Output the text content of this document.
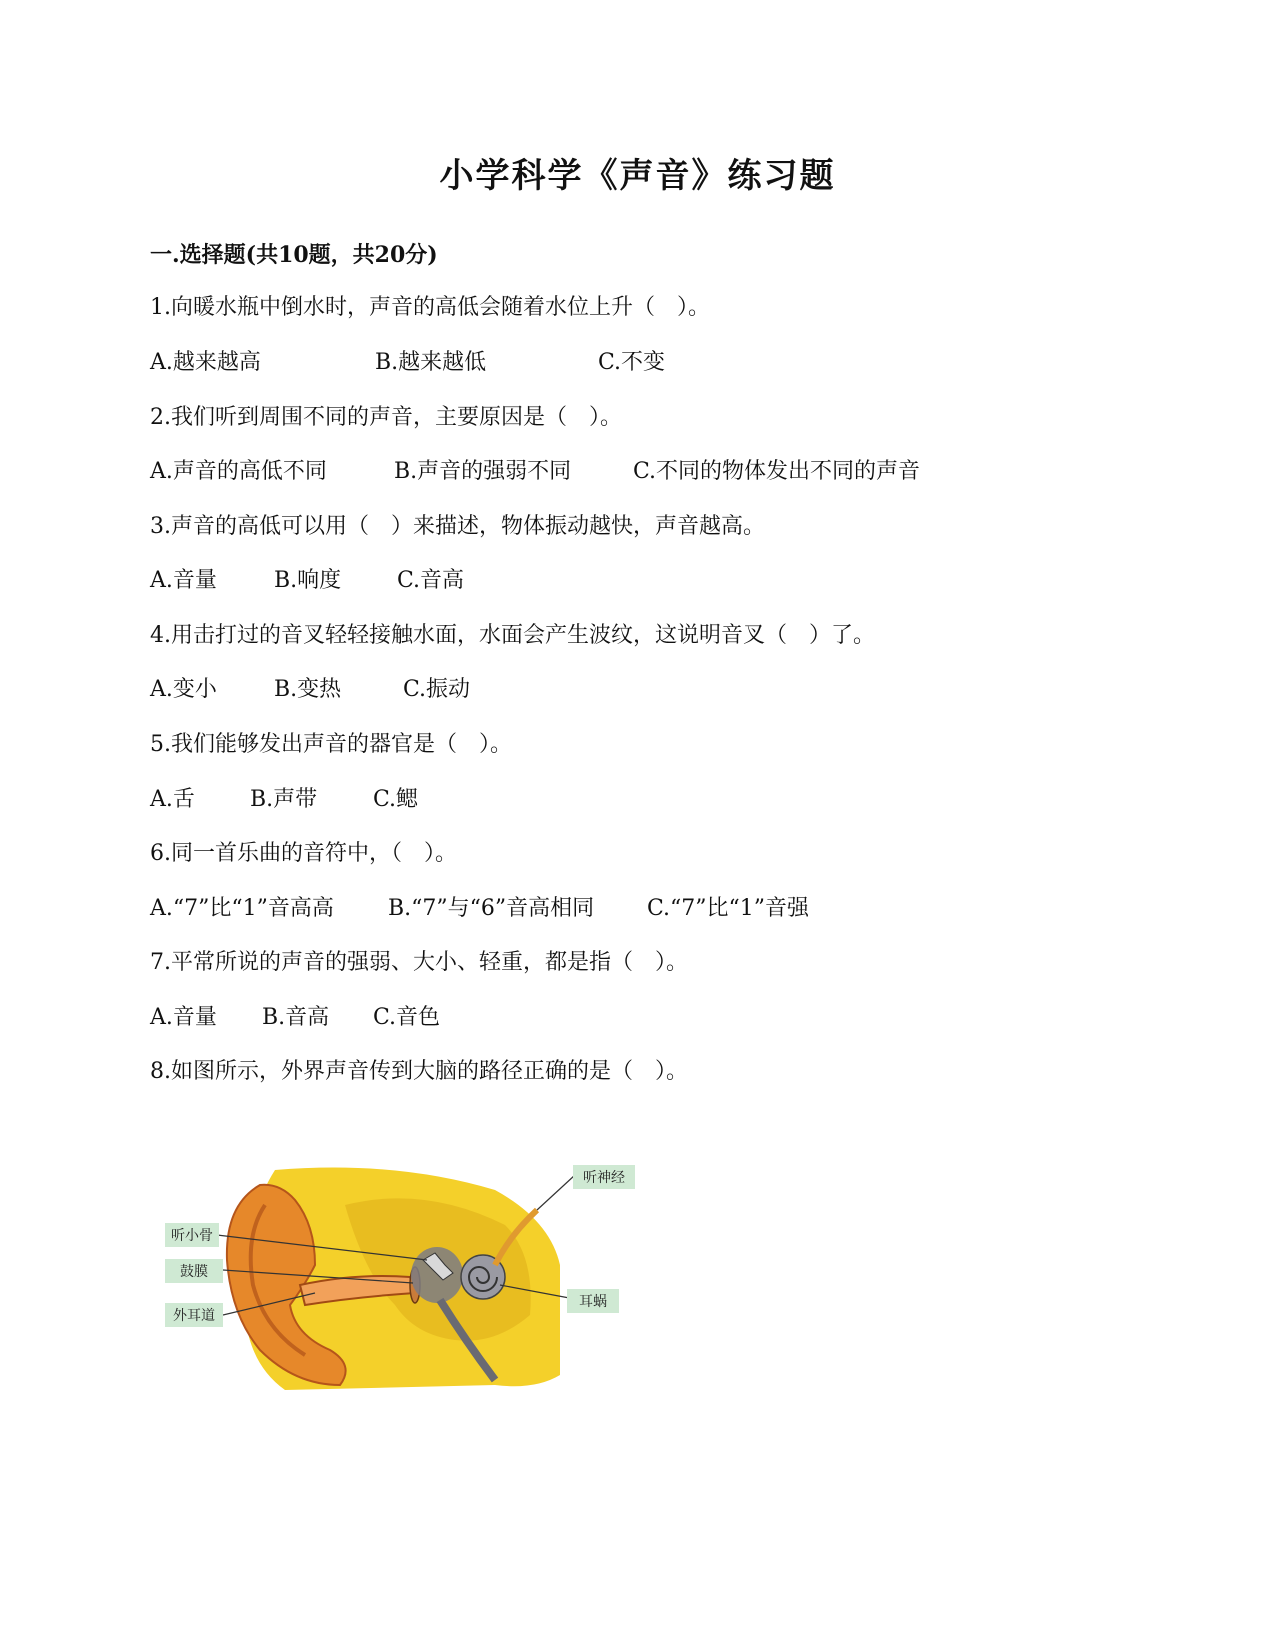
小学科学《声音》练习题
一.选择题(共10题，共20分)
1.向暖水瓶中倒水时，声音的高低会随着水位上升（　）。
A.越来越高	B.越来越低	C.不变
2.我们听到周围不同的声音，主要原因是（　）。
A.声音的高低不同	B.声音的强弱不同	C.不同的物体发出不同的声音
3.声音的高低可以用（　）来描述，物体振动越快，声音越高。
A.音量	B.响度	C.音高
4.用击打过的音叉轻轻接触水面，水面会产生波纹，这说明音叉（　）了。
A.变小	B.变热	C.振动
5.我们能够发出声音的器官是（　）。
A.舌	B.声带	C.鳃
6.同一首乐曲的音符中，（　）。
A.“7”比“1”音高高 B.“7”与“6”音高相同 C.“7”比“1”音强
7.平常所说的声音的强弱、大小、轻重，都是指（　）。
A.音量 B.音高 C.音色
8.如图所示，外界声音传到大脑的路径正确的是（　）。
听神经
听小骨
鼓膜
外耳道
耳蜗
